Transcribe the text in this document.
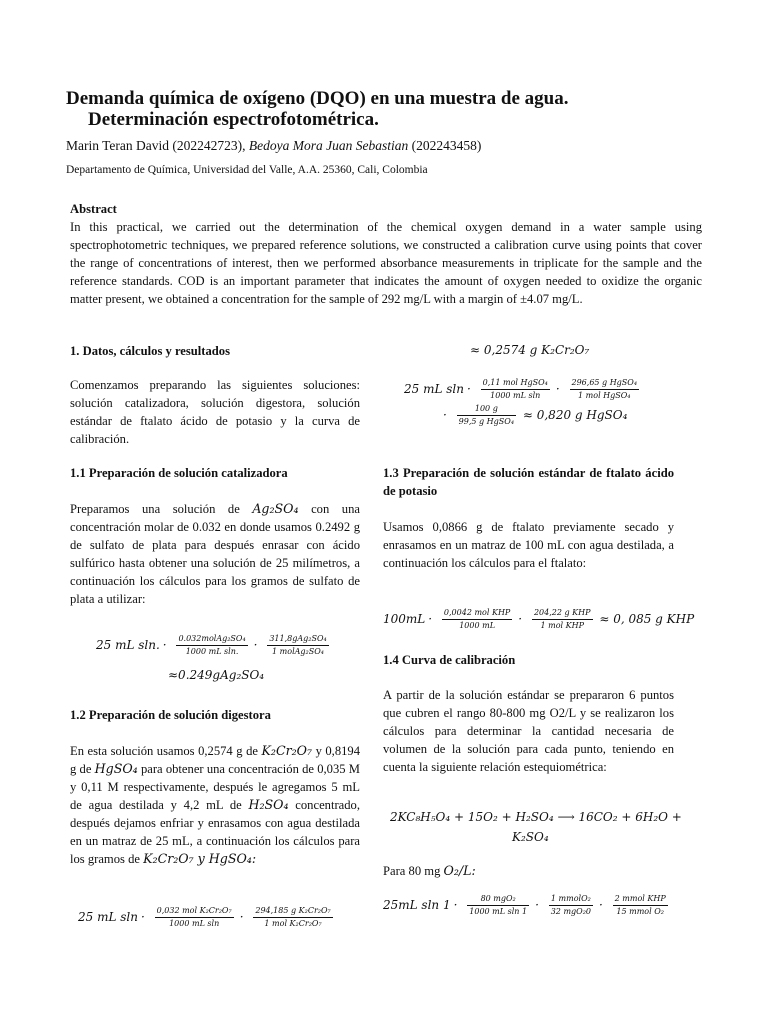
Demanda química de oxígeno (DQO) en una muestra de agua.
Determinación espectrofotométrica.
Marin Teran David (202242723), Bedoya Mora Juan Sebastian (202243458)
Departamento de Química, Universidad del Valle, A.A. 25360, Cali, Colombia
Abstract
In this practical, we carried out the determination of the chemical oxygen demand in a water sample using spectrophotometric techniques, we prepared reference solutions, we constructed a calibration curve using points that cover the range of concentrations of interest, then we performed absorbance measurements in triplicate for the sample and the reference standards. COD is an important parameter that indicates the amount of oxygen needed to oxidize the organic matter present, we obtained a concentration for the sample of 292 mg/L with a margin of ±4.07 mg/L.
1. Datos, cálculos y resultados
Comenzamos preparando las siguientes soluciones: solución catalizadora, solución digestora, solución estándar de ftalato ácido de potasio y la curva de calibración.
1.1 Preparación de solución catalizadora
Preparamos una solución de Ag₂SO₄ con una concentración molar de 0.032 en donde usamos 0.2492 g de sulfato de plata para después enrasar con ácido sulfúrico hasta obtener una solución de 25 milímetros, a continuación los cálculos para los gramos de sulfato de plata a utilizar:
25 mL sln. · $\frac{\text{0.032molAg₂SO₄}}{\text{1000 mL sln.}} \cdot \frac{\text{311,8gAg₂SO₄}}{\text{1 molAg₂SO₄}}$
≈0.249gAg₂SO₄
1.2 Preparación de solución digestora
En esta solución usamos 0,2574 g de K₂Cr₂O₇ y 0,8194 g de HgSO₄ para obtener una concentración de 0,035 M y 0,11 M respectivamente, después le agregamos 5 mL de agua destilada y 4,2 mL de H₂SO₄ concentrado, después dejamos enfriar y enrasamos con agua destilada en un matraz de 25 mL, a continuación los cálculos para los gramos de K₂Cr₂O₇ y HgSO₄:
25 mL $sln \cdot \frac{\text{0,032 mol K₂Cr₂O₇}}{\text{1000 mL sln}} \cdot \frac{\text{294,185 g K₂Cr₂O₇}}{\text{1 mol K₂Cr₂O₇}}$
≈ 0,2574 g K₂Cr₂O₇
25 mL $sln \cdot \frac{\text{0,11 mol HgSO₄}}{\text{1000 mL sln}} \cdot \frac{\text{296,65 g HgSO₄}}{\text{1 mol HgSO₄}}$
· $\frac{100 g}{\text{99,5 g HgSO₄}} \approx 0,820$ g HgSO₄
1.3 Preparación de solución estándar de ftalato ácido de potasio
Usamos 0,0866 g de ftalato previamente secado y enrasamos en un matraz de 100 mL con agua destilada, a continuación los cálculos para el ftalato:
$100mL \cdot \frac{\text{0,0042 mol KHP}}{1000 mL} \cdot \frac{\text{204,22 g KHP}}{\text{1 mol KHP}} \approx 0$, 085 g KHP
1.4 Curva de calibración
A partir de la solución estándar se prepararon 6 puntos que cubren el rango 80-800 mg O2/L y se realizaron los cálculos para determinar la cantidad necesaria de volumen de la solución para cada punto, teniendo en cuenta la siguiente relación estequiométrica:
2KC₈H₅O₄ + 15O₂ + H₂SO₄ ⟶ 16CO₂ + 6H₂O +
K₂SO₄
Para 80 mg O₂/L:
25mL sln $1 \cdot \frac{\text{80 mgO₂}}{\text{1000 mL sln 1}} \cdot \frac{\text{1 mmolO₂}}{\text{32 mgO₂0}} \cdot \frac{\text{2 mmol KHP}}{\text{15 mmol O₂}}$
